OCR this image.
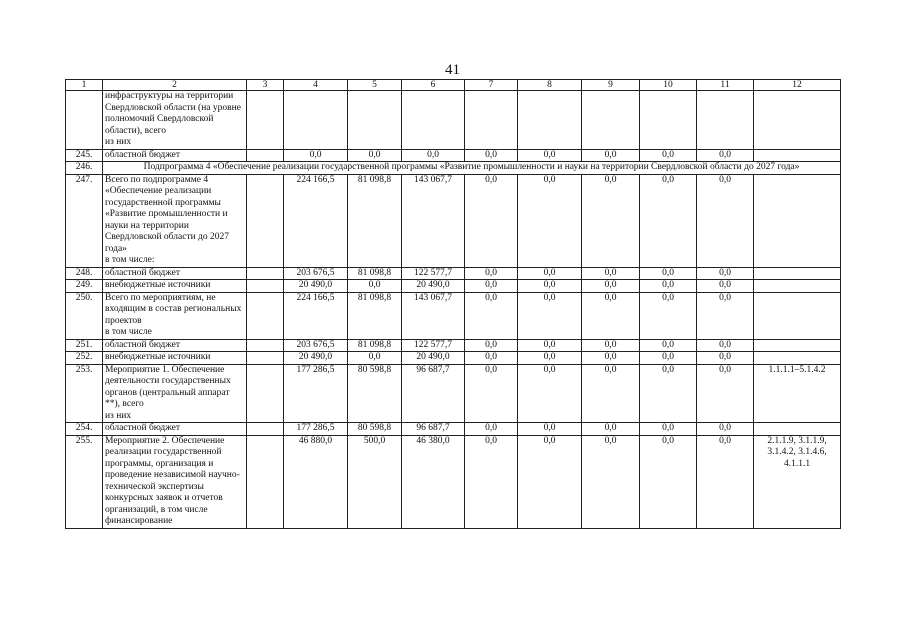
41
1	2	3	4	5	6	7	8	9	10	11	12

	инфраструктуры на территории Свердловской области (на уровне полномочий Свердловской области), всего
из них										

245.	областной бюджет		0,0	0,0	0,0	0,0	0,0	0,0	0,0	0,0	
246.	Подпрограмма 4 «Обеспечение реализации государственной программы «Развитие промышленности и науки на территории Свердловской области до 2027 года»										
247.	Всего по подпрограмме 4 «Обеспечение реализации государственной программы «Развитие промышленности и науки на территории Свердловской области до 2027 года»
в том числе:		224 166,5	81 098,8	143 067,7	0,0	0,0	0,0	0,0	0,0	
248.	областной бюджет		203 676,5	81 098,8	122 577,7	0,0	0,0	0,0	0,0	0,0	
249.	внебюджетные источники		20 490,0	0,0	20 490,0	0,0	0,0	0,0	0,0	0,0	
250.	Всего по мероприятиям, не входящим в состав региональных проектов
в том числе		224 166,5	81 098,8	143 067,7	0,0	0,0	0,0	0,0	0,0	
251.	областной бюджет		203 676,5	81 098,8	122 577,7	0,0	0,0	0,0	0,0	0,0	
252.	внебюджетные источники		20 490,0	0,0	20 490,0	0,0	0,0	0,0	0,0	0,0	
253.	Мероприятие 1. Обеспечение деятельности государственных органов (центральный аппарат **), всего
из них		177 286,5	80 598,8	96 687,7	0,0	0,0	0,0	0,0	0,0	1.1.1.1–5.1.4.2
254.	областной бюджет		177 286,5	80 598,8	96 687,7	0,0	0,0	0,0	0,0	0,0	
255.	Мероприятие 2. Обеспечение реализации государственной программы, организация и проведение независимой научно-технической экспертизы конкурсных заявок и отчетов организаций, в том числе финансирование		46 880,0	500,0	46 380,0	0,0	0,0	0,0	0,0	0,0	2.1.1.9, 3.1.1.9, 3.1.4.2, 3.1.4.6, 4.1.1.1
